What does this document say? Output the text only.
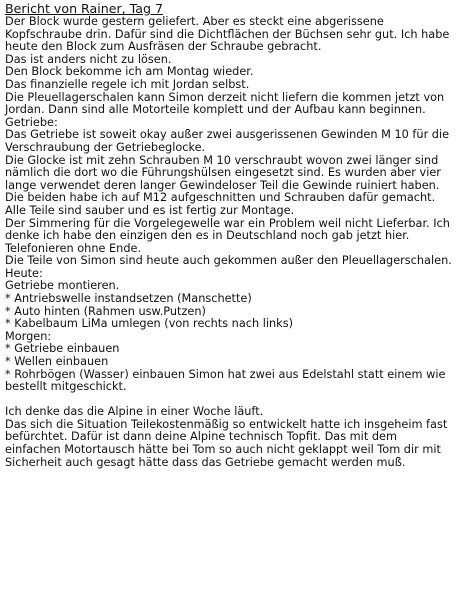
Bericht von Rainer, Tag 7
Der Block wurde gestern geliefert. Aber es steckt eine abgerissene Kopfschraube drin. Dafür sind die Dichtflächen der Büchsen sehr gut. Ich habe heute den Block zum Ausfräsen der Schraube gebracht.
Das ist anders nicht zu lösen.
Den Block bekomme ich am Montag wieder.
Das finanzielle regele ich mit Jordan selbst.
Die Pleuellagerschalen kann Simon derzeit nicht liefern die kommen jetzt von Jordan. Dann sind alle Motorteile komplett und der Aufbau kann beginnen.
Getriebe:
Das Getriebe ist soweit okay außer zwei ausgerissenen Gewinden M 10 für die Verschraubung der Getriebeglocke.
Die Glocke ist mit zehn Schrauben M 10 verschraubt wovon zwei länger sind nämlich die dort wo die Führungshülsen eingesetzt sind. Es wurden aber vier lange verwendet deren langer Gewindeloser Teil die Gewinde ruiniert haben.
Die beiden habe ich auf M12 aufgeschnitten und Schrauben dafür gemacht.
Alle Teile sind sauber und es ist fertig zur Montage.
Der Simmering für die Vorgelegewelle war ein Problem weil nicht Lieferbar. Ich denke ich habe den einzigen den es in Deutschland noch gab jetzt hier. Telefonieren ohne Ende.
Die Teile von Simon sind heute auch gekommen außer den Pleuellagerschalen.
Heute:
Getriebe montieren.
* Antriebswelle instandsetzen (Manschette)
* Auto hinten (Rahmen usw.Putzen)
* Kabelbaum LiMa umlegen (von rechts nach links)
Morgen:
* Getriebe einbauen
* Wellen einbauen
* Rohrbögen (Wasser) einbauen Simon hat zwei aus Edelstahl statt einem wie bestellt mitgeschickt.
Ich denke das die Alpine in einer Woche läuft.
Das sich die Situation Teilekostenmäßig so entwickelt hatte ich insgeheim fast befürchtet. Dafür ist dann deine Alpine technisch Topfit. Das mit dem einfachen Motortausch hätte bei Tom so auch nicht geklappt weil Tom dir mit Sicherheit auch gesagt hätte dass das Getriebe gemacht werden muß.
